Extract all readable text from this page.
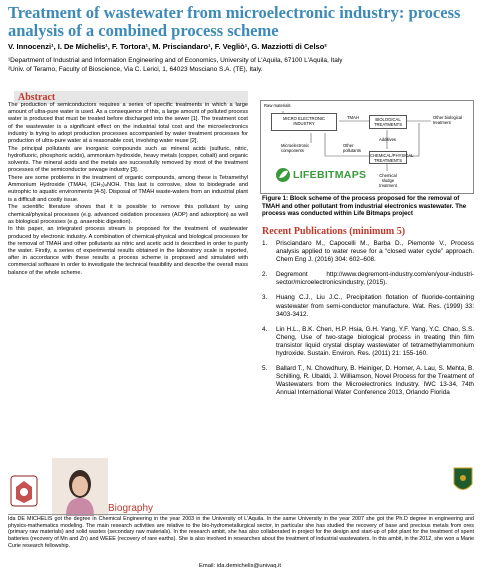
Treatment of wastewater from microelectronic industry: process analysis of a combined process scheme
V. Innocenzi¹, I. De Michelis¹, F. Tortora¹, M. Prisciandaro¹, F. Vegliò¹, G. Mazziotti di Celso²
¹Department of Industrial and Information Engineering and of Economics, University of L'Aquila, 67100 L'Aquila, Italy
²Univ. of Teramo, Faculty of Bioscience, Via C. Lerici, 1, 64023 Mosciano S.A. (TE), Italy.
Abstract

The production of semiconductors requires a series of specific treatments in which a large amount of ultra-pure water is used. As a consequence of this, a large amount of polluted process water is produced that must be treated before discharged into the sewer [1]. The treatment cost of the wastewater is a significant effect on the industrial total cost and the microelectronics industry is trying to adopt production processes accompanied by water treatment processes for production of ultra-pure water at a reasonable cost, involving water reuse [2].

The principal pollutants are inorganic compounds such as mineral acids (sulfuric, nitric, hydrofluoric, phosphoric acids), ammonium hydroxide, heavy metals (copper, cobalt) and organic solvents. The mineral acids and the metals are successfully removed by most of the treatment processes of the semiconductor sewage industry [3].

There are some problems in the treatment of organic compounds, among these is Tetramethyl Ammonium Hydroxide (TMAH, (CH₃)₄NOH. This last is corrosive, slow to biodegrade and eutrophic to aquatic environments [4-5]. Disposal of TMAH waste-waters from an industrial plant is a difficult and costly issue.

The scientific literature shows that it is possible to remove this pollutant by using chemical/physical processes (e.g. advanced oxidation processes (AOP) and adsorption) as well as biological processes (e.g. anaerobic digestion).

In this paper, an integrated process stream is proposed for the treatment of wastewater produced by electronic industry. A combination of chemical-physical and biological processes for the removal of TMAH and other pollutants as nitric and acetic acid is described in order to purify the water. Firstly, a series of experimental results obtained in the laboratory scale is reported, after in accordance with these results a process scheme is proposed and simulated with commercial software in order to investigate the technical feasibility and describe the overall mass balance of the whole scheme.

Raw materials
MICRO ELECTRONIC INDUSTRY
TMAH	BIOLOGICAL TREATMENTS
Other biological treatment
Microelectronic components
Other pollutants
Additives
CHEMICAL/PHYSICAL TREATMENTS
Chemical sludge treatment
LIFEBITMAPS
Figure 1: Block scheme of the process proposed for the removal of TMAH and other pollutant from industrial electronics wastewater. The process was conducted within Life Bitmaps project
Recent Publications (minimum 5)
1.	Prisciandaro M., Capocelli M., Barba D., Piemonte V., Process analysis applied to water reuse for a “closed water cycle” approach. Chem Eng J. (2016) 304: 602–608.
2.	Degremont http://www.degremont-industry.com/en/your-industri- sector/microelectronicsindustry, (2015).
3.	Huang C.J., Liu J.C., Precipitation flotation of fluoride-containing wastewater from semi-conductor manufacture. Wat. Res. (1999) 33: 3403-3412.
4.	Lin H.L., B.K. Chen, H.P. Hsia, G.H. Yang, Y.F. Yang, Y.C. Chao, S.S. Cheng, Use of two-stage biological process in treating thin film transistor liquid crystal display wastewater of tetramethylammonium hydroxide. Sustain. Environ. Res. (2011) 21: 155-160.
5.	Ballard T., N. Chowdhury, B. Heiniger, D. Horner, A. Lau, S. Mehta, B. Schilling, R. Ubaldi, J. Williamson, Novel Process for the Treatment of Wastewaters from the Microelectronics Industry. IWC 13-34, 74th Annual International Water Conference 2013, Orlando Florida
Biography
Ida DE MICHELIS got the degree in Chemical Engineering in the year 2003 in the University of L'Aquila. In the same University in the year 2007 she got the Ph.D degree in engineering and physics-mathematics modeling. The main research activities are relative to the bio-hydrometallurgical sector, in particular she has studied the recovery of base and precious metals from ores (primary raw materials) and solid wastes (secondary raw materials). In the research ambit, she has also collaborated in project for the design and start-up of pilot plant for the treatment of spent batteries (recovery of Mn and Zn) and WEEE (recovery of rare earths). She is also involved in researches about the treatment of industrial wastewaters. In this ambit, in the 2012, she won a Marie Curie research fellowship.
Email: ida.demichelis@univaq.it
